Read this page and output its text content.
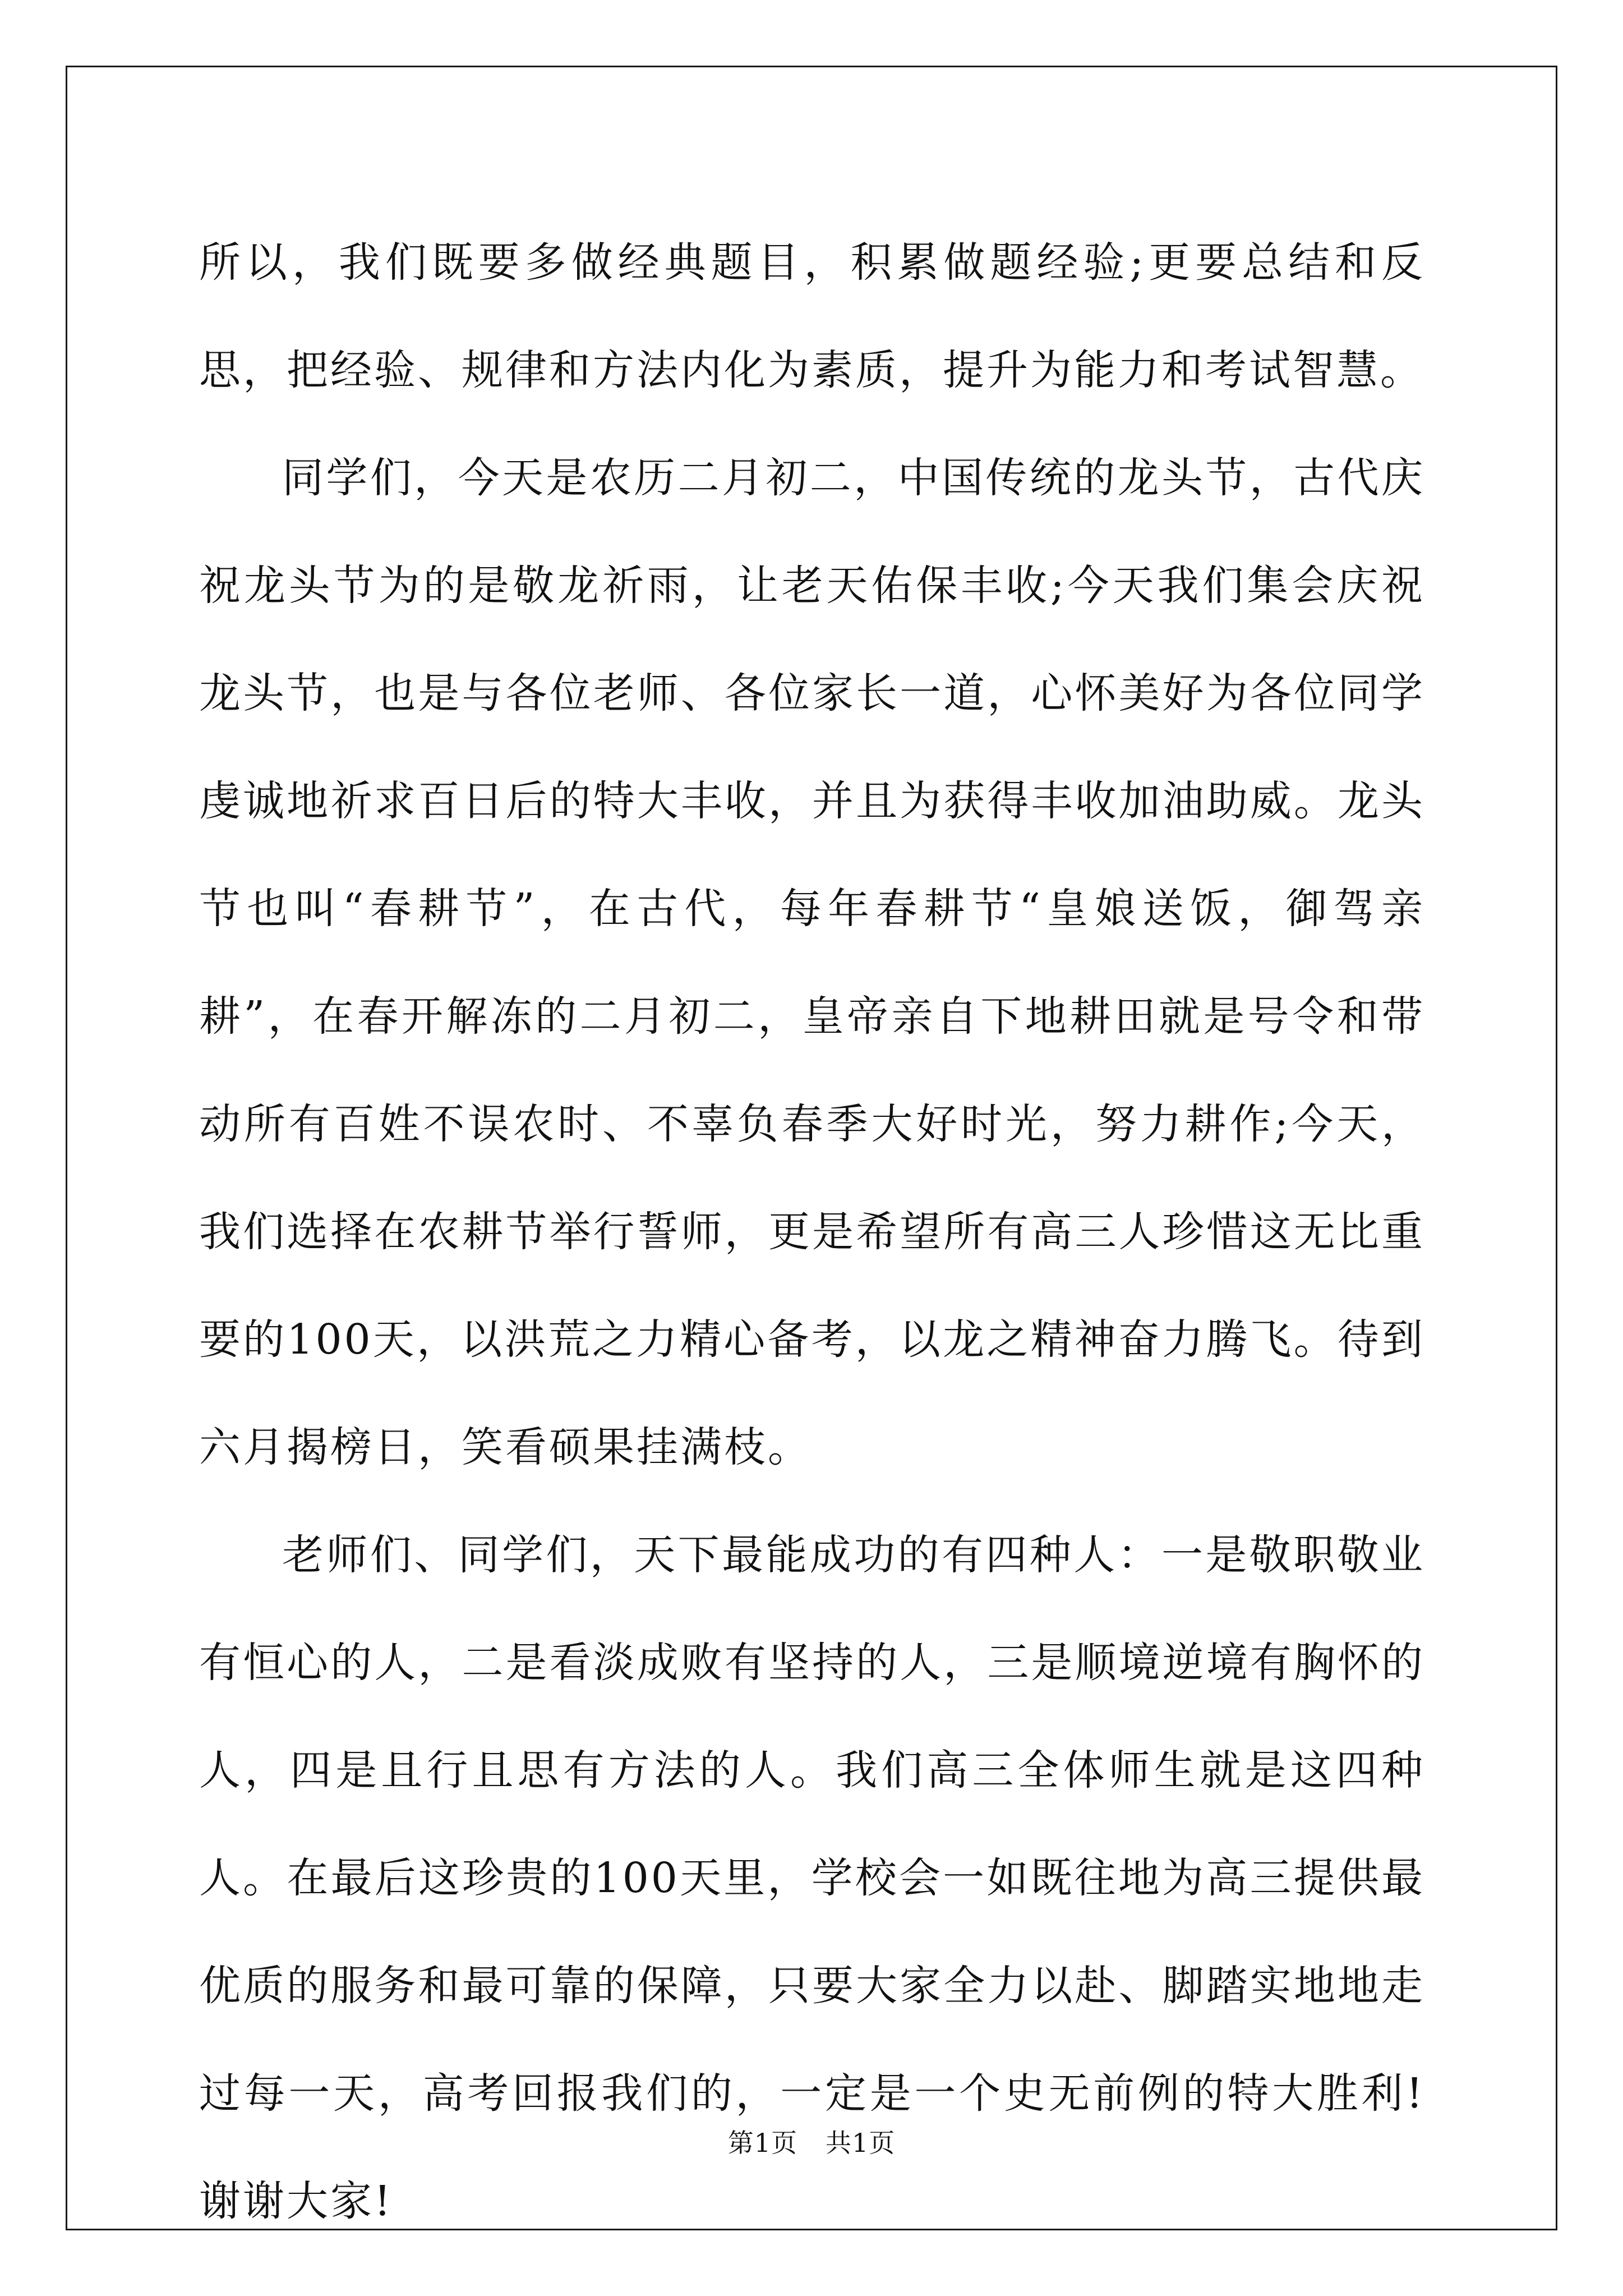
所以，我们既要多做经典题目，积累做题经验;更要总结和反思，把经验、规律和方法内化为素质，提升为能力和考试智慧。

同学们，今天是农历二月初二，中国传统的龙头节，古代庆祝龙头节为的是敬龙祈雨，让老天佑保丰收;今天我们集会庆祝龙头节，也是与各位老师、各位家长一道，心怀美好为各位同学虔诚地祈求百日后的特大丰收，并且为获得丰收加油助威。龙头节也叫“春耕节”，在古代，每年春耕节“皇娘送饭，御驾亲耕”，在春开解冻的二月初二，皇帝亲自下地耕田就是号令和带动所有百姓不误农时、不辜负春季大好时光，努力耕作;今天，我们选择在农耕节举行誓师，更是希望所有高三人珍惜这无比重要的100天，以洪荒之力精心备考，以龙之精神奋力腾飞。待到六月揭榜日，笑看硕果挂满枝。

老师们、同学们，天下最能成功的有四种人：一是敬职敬业有恒心的人，二是看淡成败有坚持的人，三是顺境逆境有胸怀的人，四是且行且思有方法的人。我们高三全体师生就是这四种人。在最后这珍贵的100天里，学校会一如既往地为高三提供最优质的服务和最可靠的保障，只要大家全力以赴、脚踏实地地走过每一天，高考回报我们的，一定是一个史无前例的特大胜利!谢谢大家!

第1页 共1页
